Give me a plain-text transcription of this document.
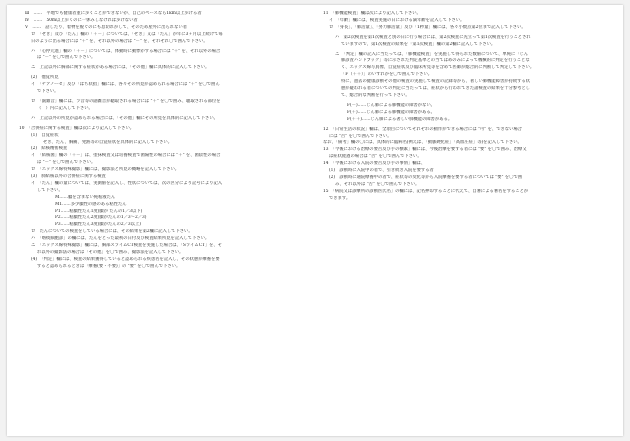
Ⅲ　……　平地でも健康者並に歩くことができないが、自己のペースなら1km以上歩ける者
Ⅳ　……　50m以上歩くのに一休みしなければ歩けない者
Ⅴ　……　話したり、着物を脱ぐのにも息切れがして、そのため屋外に出られない者
ロ　「せき」及び「たん」欄の「＋－」については、「せき」又は「たん」が年に3ヶ月以上続けて毎
日のように出る場合には "＋" を、それ以外の場合は "－" を、それぞれ〇で囲んで下さい。
ハ　「心停元進」欄の「＋－」については、体動時に動悸がする場合には "＋" を、それ以外の場合
は "－" を〇で囲んで下さい。
ニ　上記以外に胸部に関する症状がある場合には、「その他」欄に具体的に記入して下さい。
(2)　他覚所見
イ　「チアノーゼ」及び「ばち状指」欄には、各々その所見が認められる場合には "＋" を〇で囲ん
で下さい。
ロ　「副雑音」欄には、ラ音等の副雑音が聴取される場合には "＋" を〇で囲み、聴取される部位を
（　）内に記入して下さい。
ハ　上記以外の所見が認められる場合には、「その他」欄にその所見を具体的に記入して下さい。
10　「合併症に関する検査」欄は次により記入して下さい。
(1)　自覚症状
せき、たん、胸痛、発熱等の自覚症状を具体的に記入して下さい。
(2)　結核精密検査
イ　「結核菌」欄の「＋－」は、塗抹検査又は培養検査で菌陽性の場合には "＋" を、菌陰性の場合
は "－" を〇で囲んで下さい。
ロ　「エックス線特殊撮影」欄には、撮影法と所見の概略を記入して下さい。
(3)　肺結核以外の合併症に関する検査
イ　「たん」欄の量については、実測値を記入し、性状については、次の区分により記号により記入
して下さい。
M……膿を含まない純粘液たん
M1……多少膿性の感のある粘性たん
P1……粘膿性たん1度(膿が たんの1／3以下)
P2……粘膿性たん2度(膿がたんの1／3～2／3)
P3……粘膿性たん3度(膿がたんの2／3以上)
ロ　たんについての検査をしている場合には、その結果を第2欄に記入して下さい。
ハ　「喀痰細胞診」の欄には、たんをとった最初の日付及び検査結果所見を記入して下さい。
ニ　「エックス線特殊撮影」欄には、胸部スライムCT検査を実施した場合は、「SライムCT」を、そ
れ以外の撮影法の場合は「その他」を〇で囲み、撮影法を記入して下さい。
(4)　「判定」欄には、検査の結果獲得していると認められる疾患名を記入し、その状態が療養を要
すると認められるときは「療養(要・不要)」の "要" を〇で囲んで下さい。
11　「肺機能検査」欄は次により記入して下さい。
イ　「年齢」欄には、検査実施の日における満年齢を記入して下さい。
ロ　「身長」、「肺活量」、「努力肺活量」及び「1秒量」欄には、各々小数点第2位まで記入して下さい。
ハ　第2次検査を第1次検査と別の日に行う場合には、第2次検査に先立って第1次検査を行うことされ
ていますので、第1次検査の結果を「第1次検査」欄の第2欄に記入して下さい。
ニ　「判定」欄の記入に当たっては、「肺機能検査」を実施して得られた数値について、単純に「じん
肺診査ハンドブック」等に示された判定基準との当てはめのみによって機械的に判定を行うことな
く、エックス線写真像、自覚症状及び臨床所見等を含めて医師が総合的に判断して判定して下さい。
「F（＋＋）」のいずれかを〇で囲んで下さい。
特に、過去の健康診断その他の検査の実施して検査の記録等から、著しい肺機能障害が持続する状
態が疑われる者についての判定に当たっては、症状から行われてきた諸検査の結果を十分参考とし
て、総合的な判断を行って下さい。
F(－)……じん肺による肺機能の障害がない。
F(＋)……じん肺による肺機能の障害がある。
F(＋＋)……じん肺による著しい肺機能の障害がある。
12　「日常生活の状況」欄は、全項目についてそれぞれの動作ができる場合には "可" を、できない場合
には "否" を〇で囲んで下さい。
なお、「備考」欄の〇には、具体的に臨病名(例えば、「動脈硬化症」「高血圧症」等)を記入して下さい。
13　「今後における治療の要否及び手の横素」欄には、今後治療を要する者には "要" を〇で囲み、治療又
は症状経過の場合は "否" を〇で囲んで下さい。
14　「今後における入院の要否及び手の事情」欄は、
(1)　診断時に入院中の者で、引き続き入院を要する者
(2)　診断時に通院療養中の者で、症状等の変化等から入院療養を要する者については "要" を〇で囲
み、それ以外は "否" を〇で囲んで下さい。
15　「病院又は診療所の診断医氏名」の欄には、記名押印することに代えて、自署による署名をすることが
できます。
